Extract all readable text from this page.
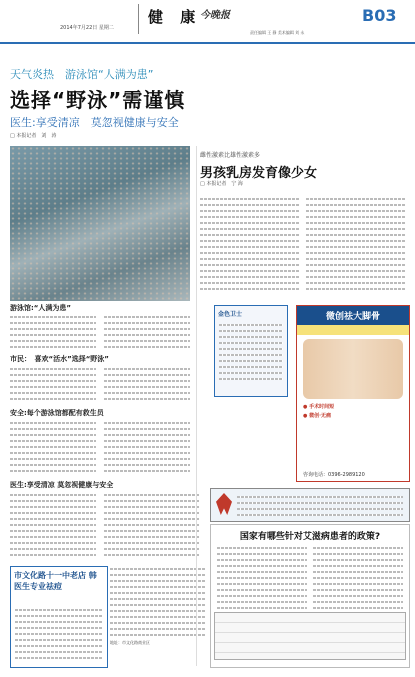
2014年7月22日 星期二
健 康
今晚报
责任编辑 王 静 美术编辑 刘 永
B03
天气炎热　游泳馆“人满为患”
选择“野泳”需谨慎
医生:享受清凉　莫忽视健康与安全
□ 本报记者　刘　涛
游泳馆:“人满为患”
市民：　喜欢“活水”选择“野泳”
安全:每个游泳馆都配有救生员
医生:享受清凉 莫忽视健康与安全
雌性激素比雄性激素多
男孩乳房发育像少女
□ 本报记者　宁 海
金色卫士	微创祛大脚骨
● 手术时间短
● 微创·无痛
咨询电话：0396-2989120
国家有哪些针对艾滋病患者的政策?
市文化路十一中老店 韩医生专业祛痘
地址：市文化路商业区
